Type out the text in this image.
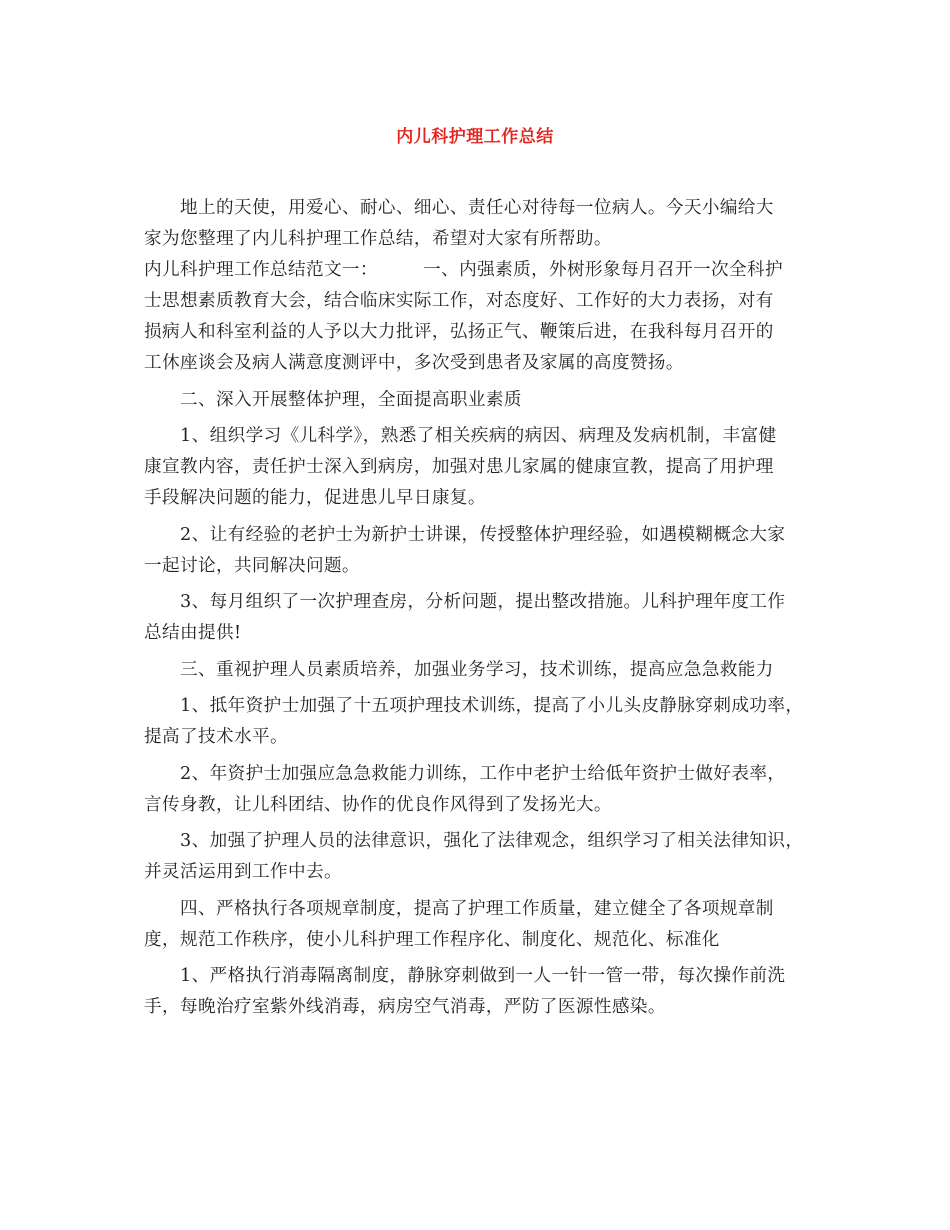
内儿科护理工作总结

地上的天使，用爱心、耐心、细心、责任心对待每一位病人。今天小编给大

家为您整理了内儿科护理工作总结，希望对大家有所帮助。

内儿科护理工作总结范文一：　　　一、内强素质，外树形象每月召开一次全科护

士思想素质教育大会，结合临床实际工作，对态度好、工作好的大力表扬，对有

损病人和科室利益的人予以大力批评，弘扬正气、鞭策后进，在我科每月召开的

工休座谈会及病人满意度测评中，多次受到患者及家属的高度赞扬。

二、深入开展整体护理，全面提高职业素质

1、组织学习《儿科学》，熟悉了相关疾病的病因、病理及发病机制，丰富健

康宣教内容，责任护士深入到病房，加强对患儿家属的健康宣教，提高了用护理

手段解决问题的能力，促进患儿早日康复。

2、让有经验的老护士为新护士讲课，传授整体护理经验，如遇模糊概念大家

一起讨论，共同解决问题。

3、每月组织了一次护理查房，分析问题，提出整改措施。儿科护理年度工作

总结由提供!

三、重视护理人员素质培养，加强业务学习，技术训练，提高应急急救能力

1、抵年资护士加强了十五项护理技术训练，提高了小儿头皮静脉穿刺成功率，

提高了技术水平。

2、年资护士加强应急急救能力训练，工作中老护士给低年资护士做好表率，

言传身教，让儿科团结、协作的优良作风得到了发扬光大。

3、加强了护理人员的法律意识，强化了法律观念，组织学习了相关法律知识，

并灵活运用到工作中去。

四、严格执行各项规章制度，提高了护理工作质量，建立健全了各项规章制

度，规范工作秩序，使小儿科护理工作程序化、制度化、规范化、标准化

1、严格执行消毒隔离制度，静脉穿刺做到一人一针一管一带，每次操作前洗

手，每晚治疗室紫外线消毒，病房空气消毒，严防了医源性感染。
